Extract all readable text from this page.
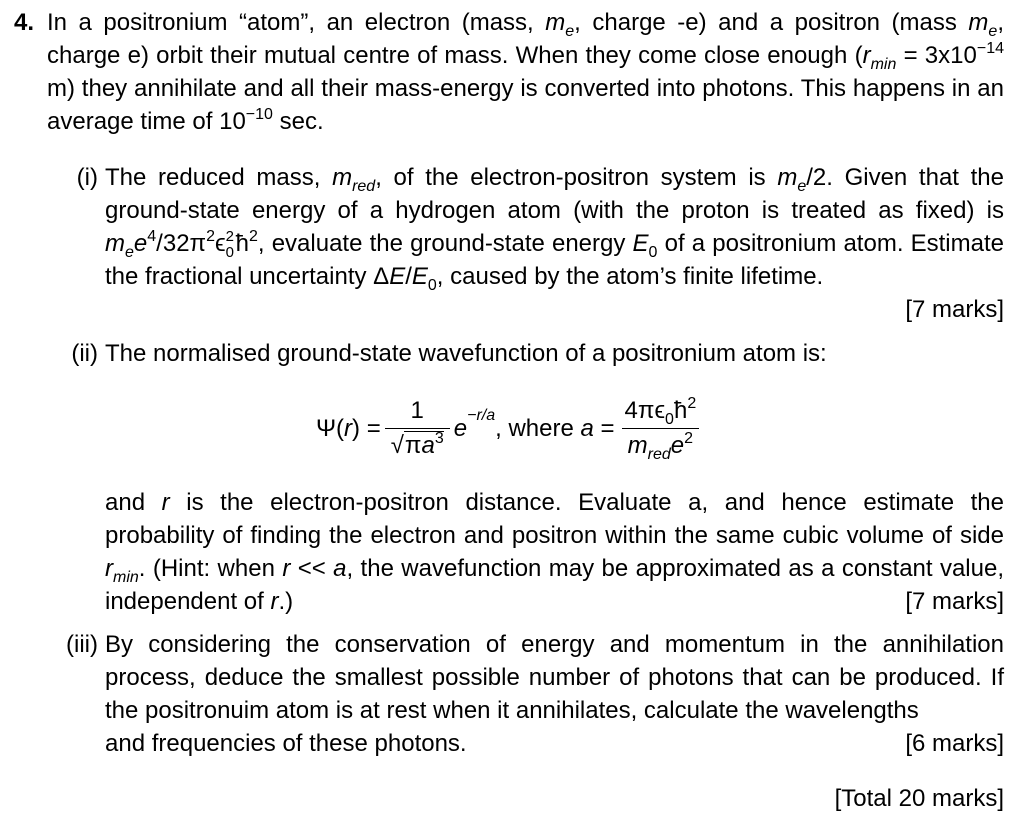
4. In a positronium “atom”, an electron (mass, $m_e$, charge -e) and a positron (mass $m_e$, charge e) orbit their mutual centre of mass. When they come close enough ($r_{min} = 3x10^{-14}$ m) they annihilate and all their mass-energy is converted into photons. This happens in an average time of $10^{-10}$ sec.
(i) The reduced mass, $m_{red}$, of the electron-positron system is $m_e/2$. Given that the ground-state energy of a hydrogen atom (with the proton is treated as fixed) is $m_ee^4/32\pi^2\epsilon$ 2
0 $ħ^2$, evaluate the ground-state energy $E_0$ of a positronium atom. Estimate the fractional uncertainty $\Delta E/E_0$, caused by the atom’s finite lifetime.
[7 marks]
(ii) The normalised ground-state wavefunction of a positronium atom is:
Ψ( r ) = $\frac{1}{√\pi a^3}$ e $^{-r/a}$ , where $a = \frac{4\pi\epsilon_0ħ^2}{m_{red}e^2}$
and r is the electron-positron distance. Evaluate a, and hence estimate the probability of finding the electron and positron within the same cubic volume of side $r_{min}$. (Hint: when r << a, the wavefunction may be approximated as a constant value, independent of r.)	[7 marks]
(iii) By considering the conservation of energy and momentum in the annihilation process, deduce the smallest possible number of photons that can be produced. If the positronuim atom is at rest when it annihilates, calculate the wavelengths
and frequencies of these photons.	[6 marks]
[Total 20 marks]
